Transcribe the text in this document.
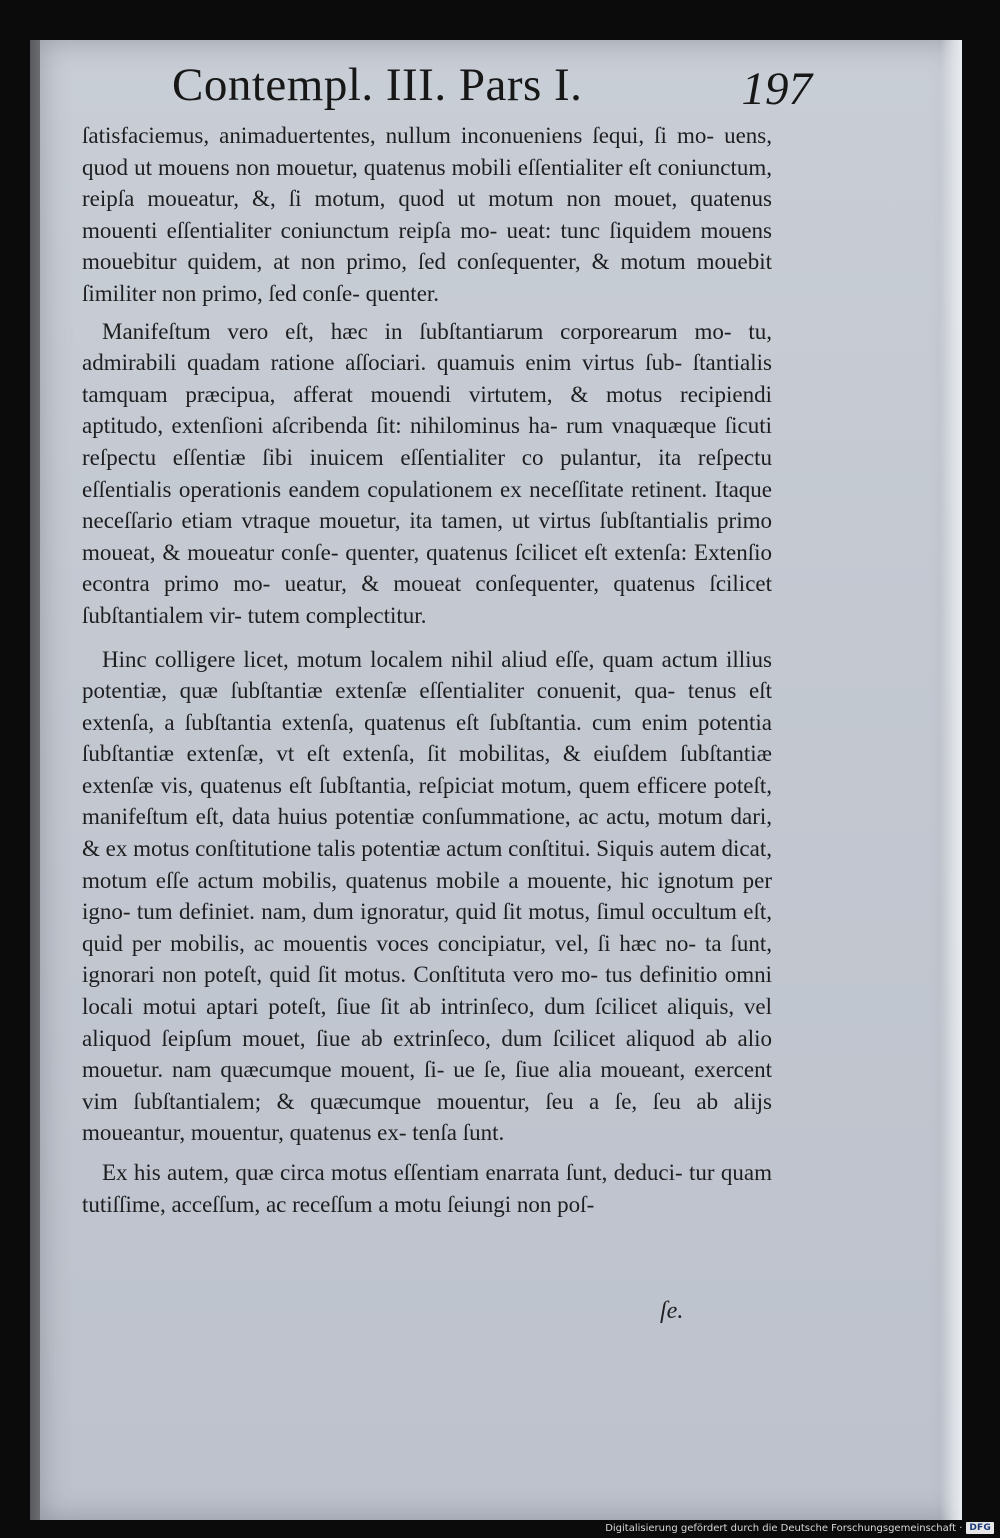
Contempl. III. Pars I.	197

ſatisfaciemus, animaduertentes, nullum inconueniens ſequi, ſi mo- uens, quod ut mouens non mouetur, quatenus mobili eſſentialiter eſt coniunctum, reipſa moueatur, &, ſi motum, quod ut motum non mouet, quatenus mouenti eſſentialiter coniunctum reipſa mo- ueat: tunc ſiquidem mouens mouebitur quidem, at non primo, ſed conſequenter, & motum mouebit ſimiliter non primo, ſed conſe- quenter.

Manifeſtum vero eſt, hæc in ſubſtantiarum corporearum mo- tu, admirabili quadam ratione aſſociari. quamuis enim virtus ſub- ſtantialis tamquam præcipua, afferat mouendi virtutem, & motus recipiendi aptitudo, extenſioni aſcribenda ſit: nihilominus ha- rum vnaquæque ſicuti reſpectu eſſentiæ ſibi inuicem eſſentialiter co pulantur, ita reſpectu eſſentialis operationis eandem copulationem ex neceſſitate retinent. Itaque neceſſario etiam vtraque mouetur, ita tamen, ut virtus ſubſtantialis primo moueat, & moueatur conſe- quenter, quatenus ſcilicet eſt extenſa: Extenſio econtra primo mo- ueatur, & moueat conſequenter, quatenus ſcilicet ſubſtantialem vir- tutem complectitur.

Hinc colligere licet, motum localem nihil aliud eſſe, quam actum illius potentiæ, quæ ſubſtantiæ extenſæ eſſentialiter conuenit, qua- tenus eſt extenſa, a ſubſtantia extenſa, quatenus eſt ſubſtantia. cum enim potentia ſubſtantiæ extenſæ, vt eſt extenſa, ſit mobilitas, & eiuſdem ſubſtantiæ extenſæ vis, quatenus eſt ſubſtantia, reſpiciat motum, quem efficere poteſt, manifeſtum eſt, data huius potentiæ conſummatione, ac actu, motum dari, & ex motus conſtitutione talis potentiæ actum conſtitui. Siquis autem dicat, motum eſſe actum mobilis, quatenus mobile a mouente, hic ignotum per igno- tum definiet. nam, dum ignoratur, quid ſit motus, ſimul occultum eſt, quid per mobilis, ac mouentis voces concipiatur, vel, ſi hæc no- ta ſunt, ignorari non poteſt, quid ſit motus. Conſtituta vero mo- tus definitio omni locali motui aptari poteſt, ſiue ſit ab intrinſeco, dum ſcilicet aliquis, vel aliquod ſeipſum mouet, ſiue ab extrinſeco, dum ſcilicet aliquod ab alio mouetur. nam quæcumque mouent, ſi- ue ſe, ſiue alia moueant, exercent vim ſubſtantialem; & quæcumque mouentur, ſeu a ſe, ſeu ab alijs moueantur, mouentur, quatenus ex- tenſa ſunt.

Ex his autem, quæ circa motus eſſentiam enarrata ſunt, deduci- tur quam tutiſſime, acceſſum, ac receſſum a motu ſeiungi non poſ-

ſe.
Digitalisierung gefördert durch die Deutsche Forschungsgemeinschaft · DFG
